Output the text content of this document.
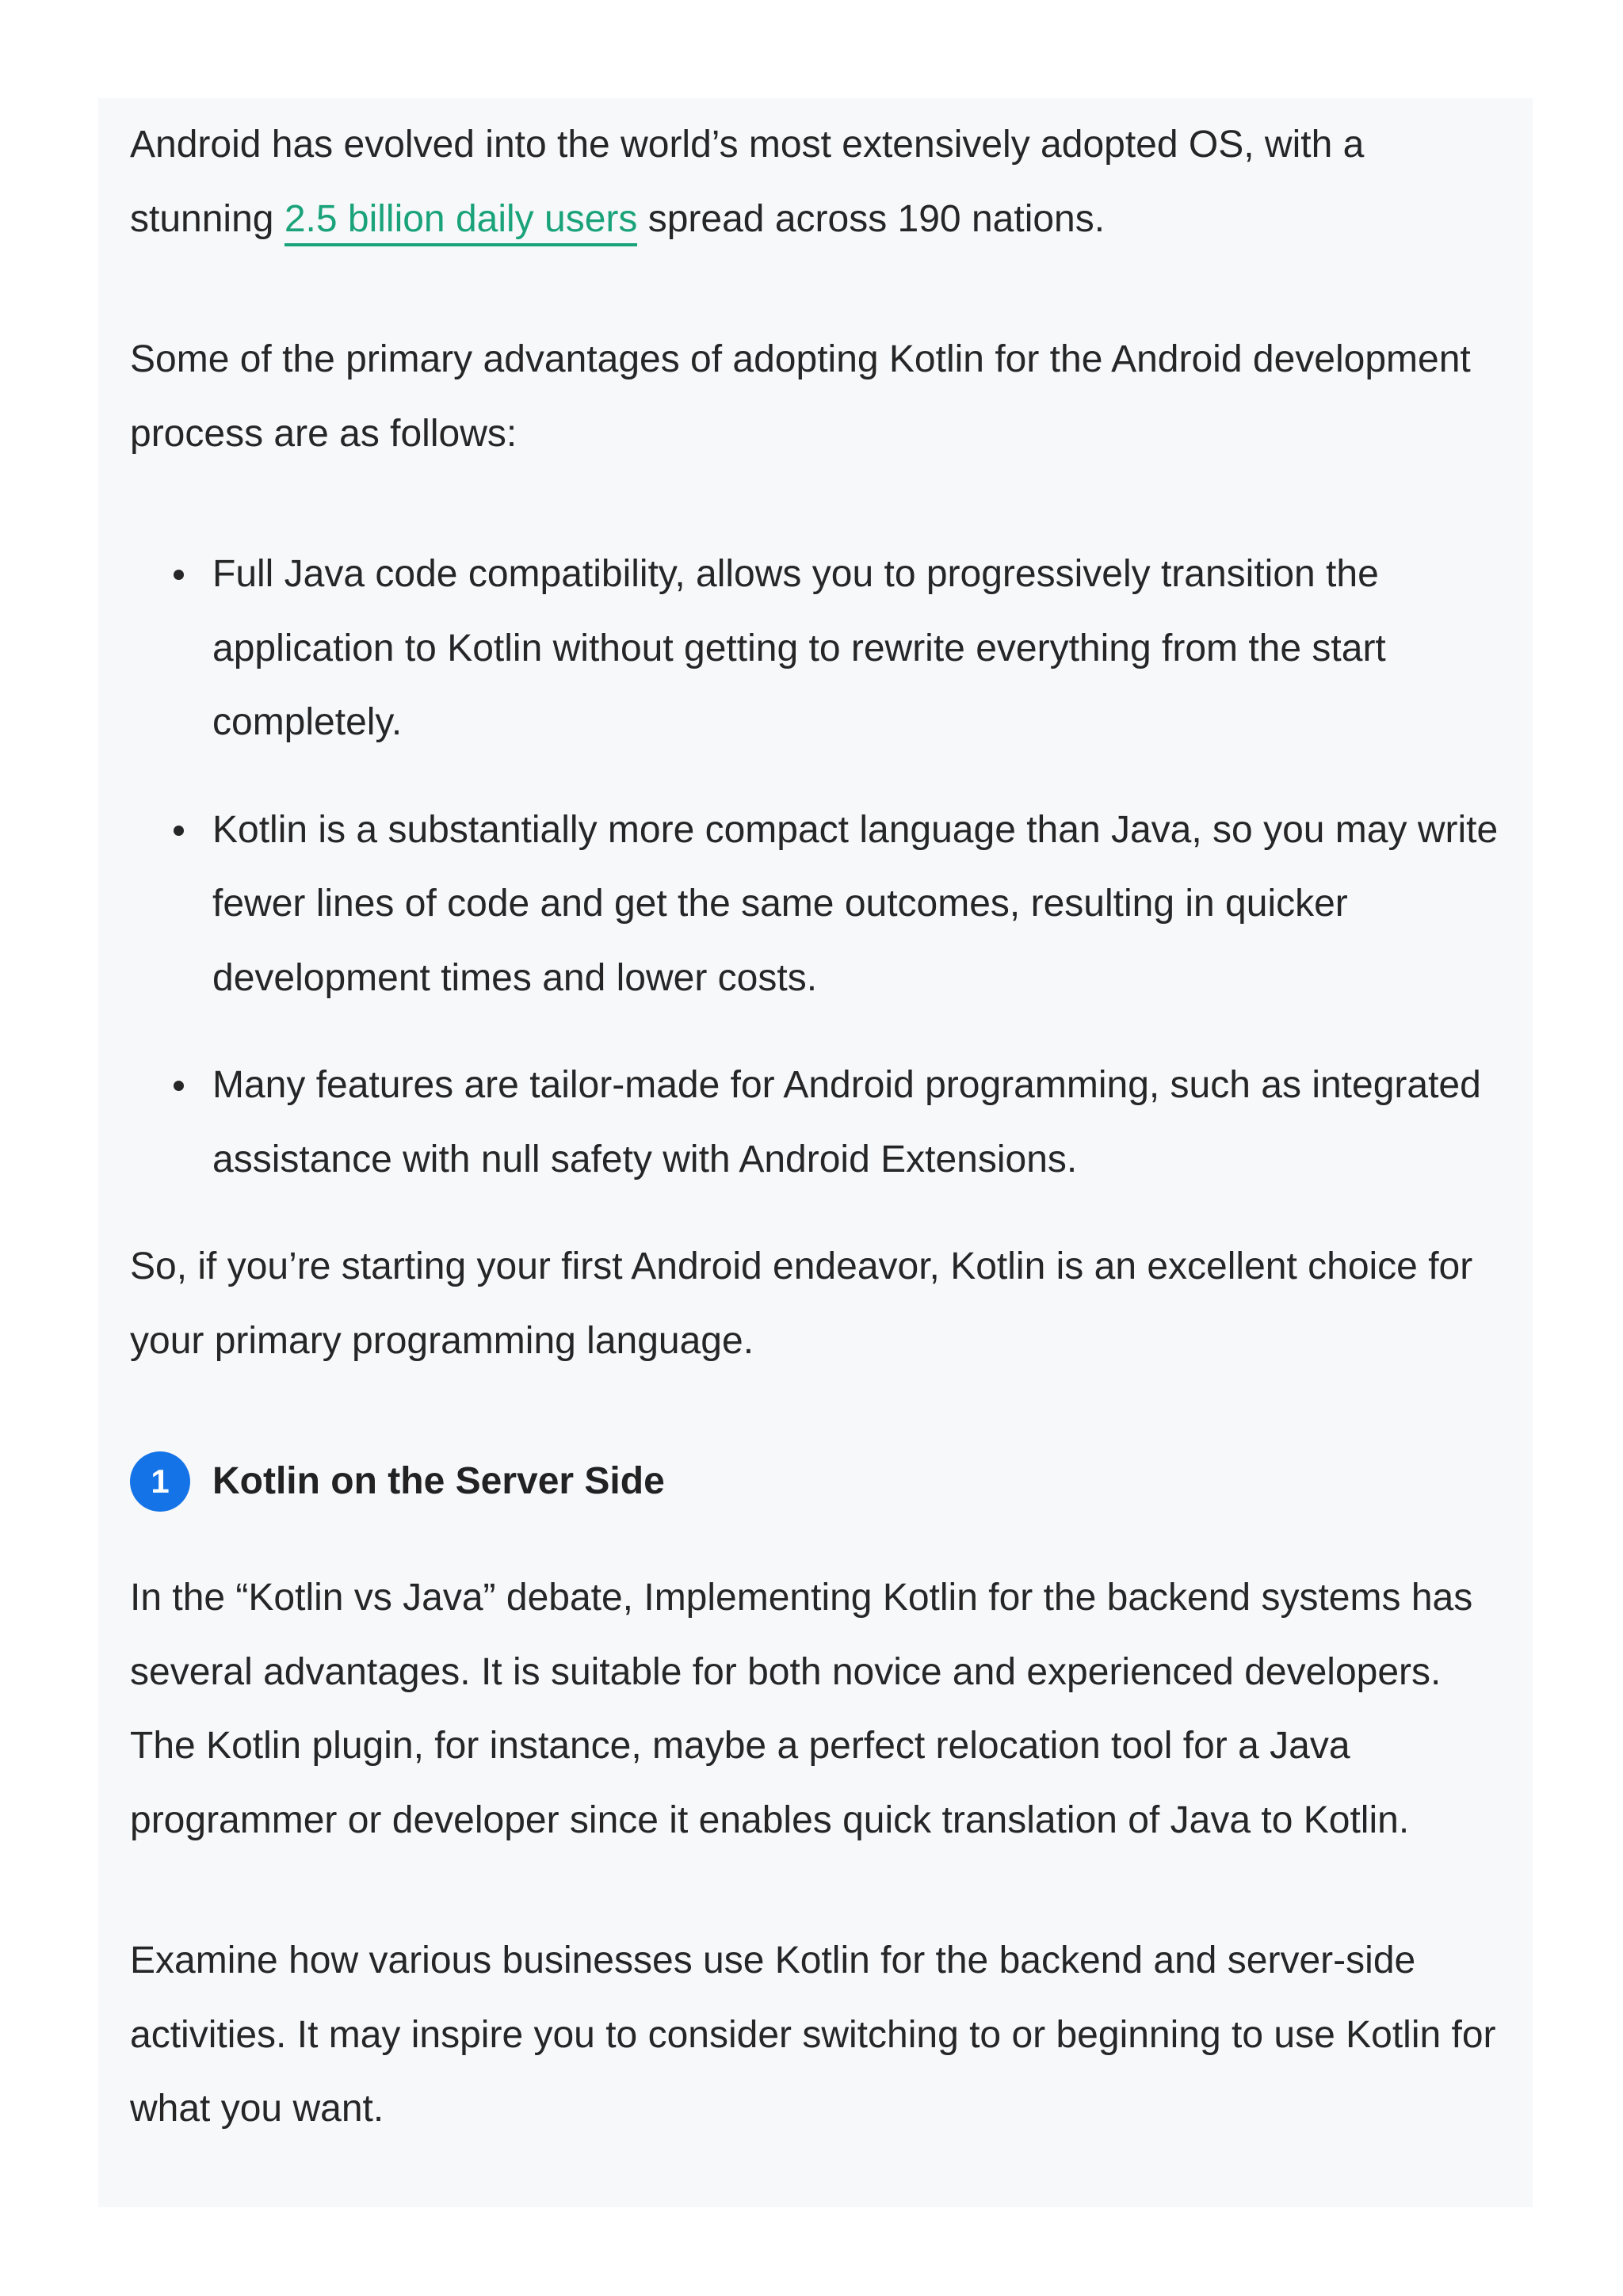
Android has evolved into the world’s most extensively adopted OS, with a stunning 2.5 billion daily users spread across 190 nations.

Some of the primary advantages of adopting Kotlin for the Android development process are as follows:

Full Java code compatibility, allows you to progressively transition the application to Kotlin without getting to rewrite everything from the start completely.
Kotlin is a substantially more compact language than Java, so you may write fewer lines of code and get the same outcomes, resulting in quicker development times and lower costs.
Many features are tailor-made for Android programming, such as integrated assistance with null safety with Android Extensions.

So, if you’re starting your first Android endeavor, Kotlin is an excellent choice for your primary programming language.

1	Kotlin on the Server Side

In the “Kotlin vs Java” debate, Implementing Kotlin for the backend systems has several advantages. It is suitable for both novice and experienced developers. The Kotlin plugin, for instance, maybe a perfect relocation tool for a Java programmer or developer since it enables quick translation of Java to Kotlin.

Examine how various businesses use Kotlin for the backend and server-side activities. It may inspire you to consider switching to or beginning to use Kotlin for what you want.
